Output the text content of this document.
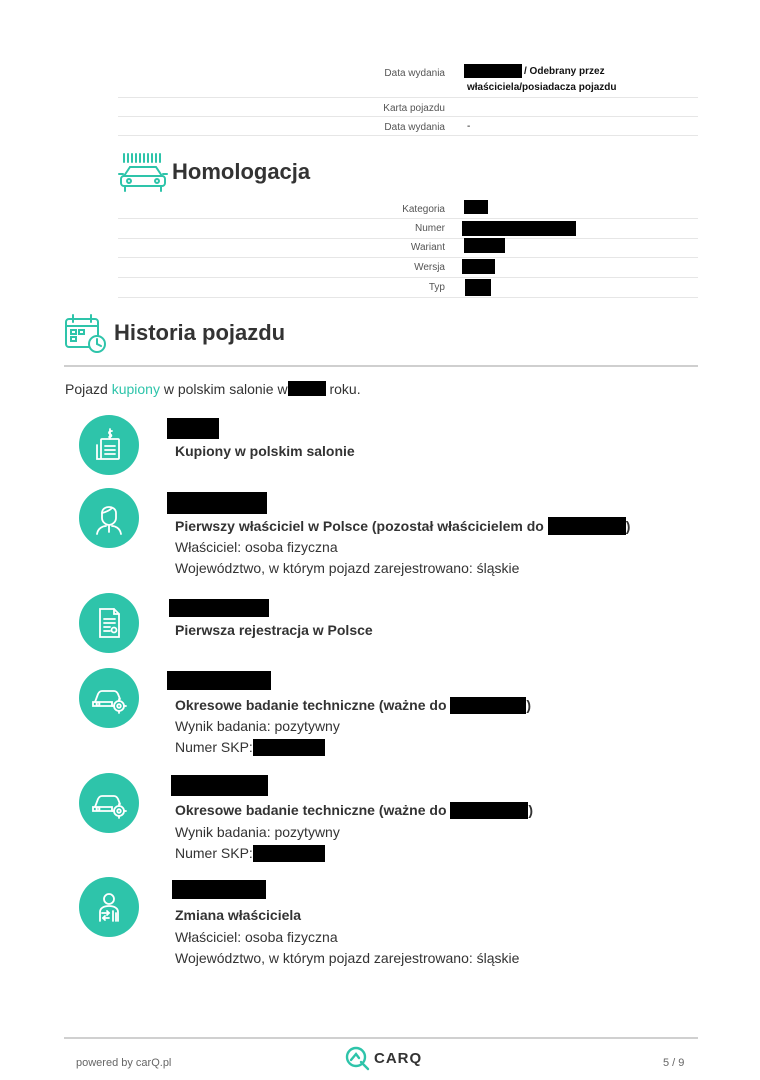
Data wydania	/ Odebrany przez
właściciela/posiadacza pojazdu
Karta pojazdu
Data wydania -
Homologacja
Kategoria
Numer
Wariant
Wersja
Typ
Historia pojazdu
Pojazd kupiony w polskim salonie w	roku.
Kupiony w polskim salonie
Pierwszy właściciel w Polsce (pozostał właścicielem do	)
Właściciel: osoba fizyczna
Województwo, w którym pojazd zarejestrowano: śląskie
Pierwsza rejestracja w Polsce
Okresowe badanie techniczne (ważne do	)
Wynik badania: pozytywny
Numer SKP:
Okresowe badanie techniczne (ważne do	)
Wynik badania: pozytywny
Numer SKP:
Zmiana właściciela
Właściciel: osoba fizyczna
Województwo, w którym pojazd zarejestrowano: śląskie
powered by carQ.pl	CARQ	5 / 9
